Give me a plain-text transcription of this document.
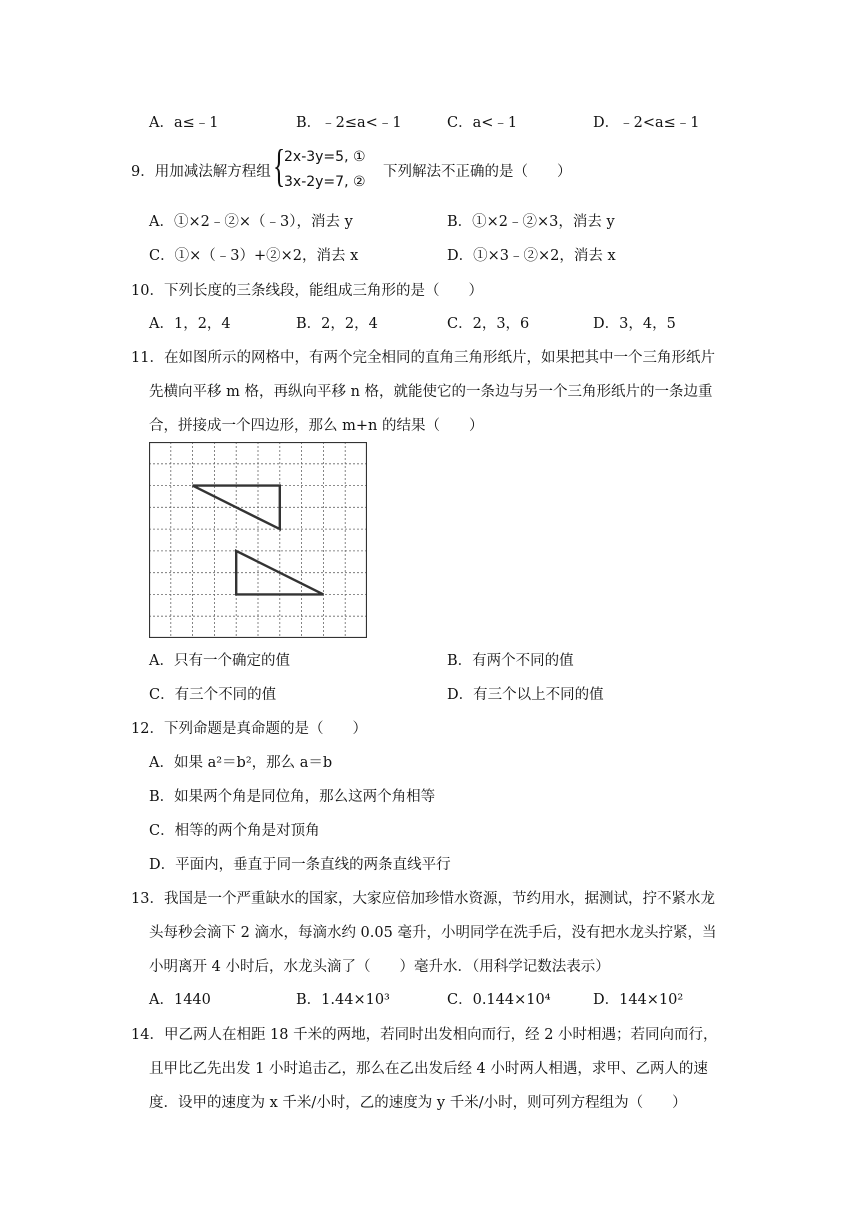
A．a≤﹣1	B．﹣2≤a<﹣1	C．a<﹣1	D．﹣2<a≤﹣1
9．用加减法解方程组 {
2x-3y=5, ①
3x-2y=7, ②
下列解法不正确的是（　　）
A．①×2﹣②×（﹣3），消去 y	B．①×2﹣②×3，消去 y
C．①×（﹣3）+②×2，消去 x	D．①×3﹣②×2，消去 x
10．下列长度的三条线段，能组成三角形的是（　　）
A．1，2，4	B．2，2，4	C．2，3，6	D．3，4，5
11．在如图所示的网格中，有两个完全相同的直角三角形纸片，如果把其中一个三角形纸片
先横向平移 m 格，再纵向平移 n 格，就能使它的一条边与另一个三角形纸片的一条边重
合，拼接成一个四边形，那么 m+n 的结果（　　）
A．只有一个确定的值	B．有两个不同的值
C．有三个不同的值	D．有三个以上不同的值
12．下列命题是真命题的是（　　）
A．如果 a²＝b²，那么 a＝b
B．如果两个角是同位角，那么这两个角相等
C．相等的两个角是对顶角
D．平面内，垂直于同一条直线的两条直线平行
13．我国是一个严重缺水的国家，大家应倍加珍惜水资源，节约用水，据测试，拧不紧水龙
头每秒会滴下 2 滴水，每滴水约 0.05 毫升，小明同学在洗手后，没有把水龙头拧紧，当
小明离开 4 小时后，水龙头滴了（　　）毫升水．（用科学记数法表示）
A．1440	B．1.44×10³	C．0.144×10⁴	D．144×10²
14．甲乙两人在相距 18 千米的两地，若同时出发相向而行，经 2 小时相遇；若同向而行，
且甲比乙先出发 1 小时追击乙，那么在乙出发后经 4 小时两人相遇，求甲、乙两人的速
度．设甲的速度为 x 千米/小时，乙的速度为 y 千米/小时，则可列方程组为（　　）
